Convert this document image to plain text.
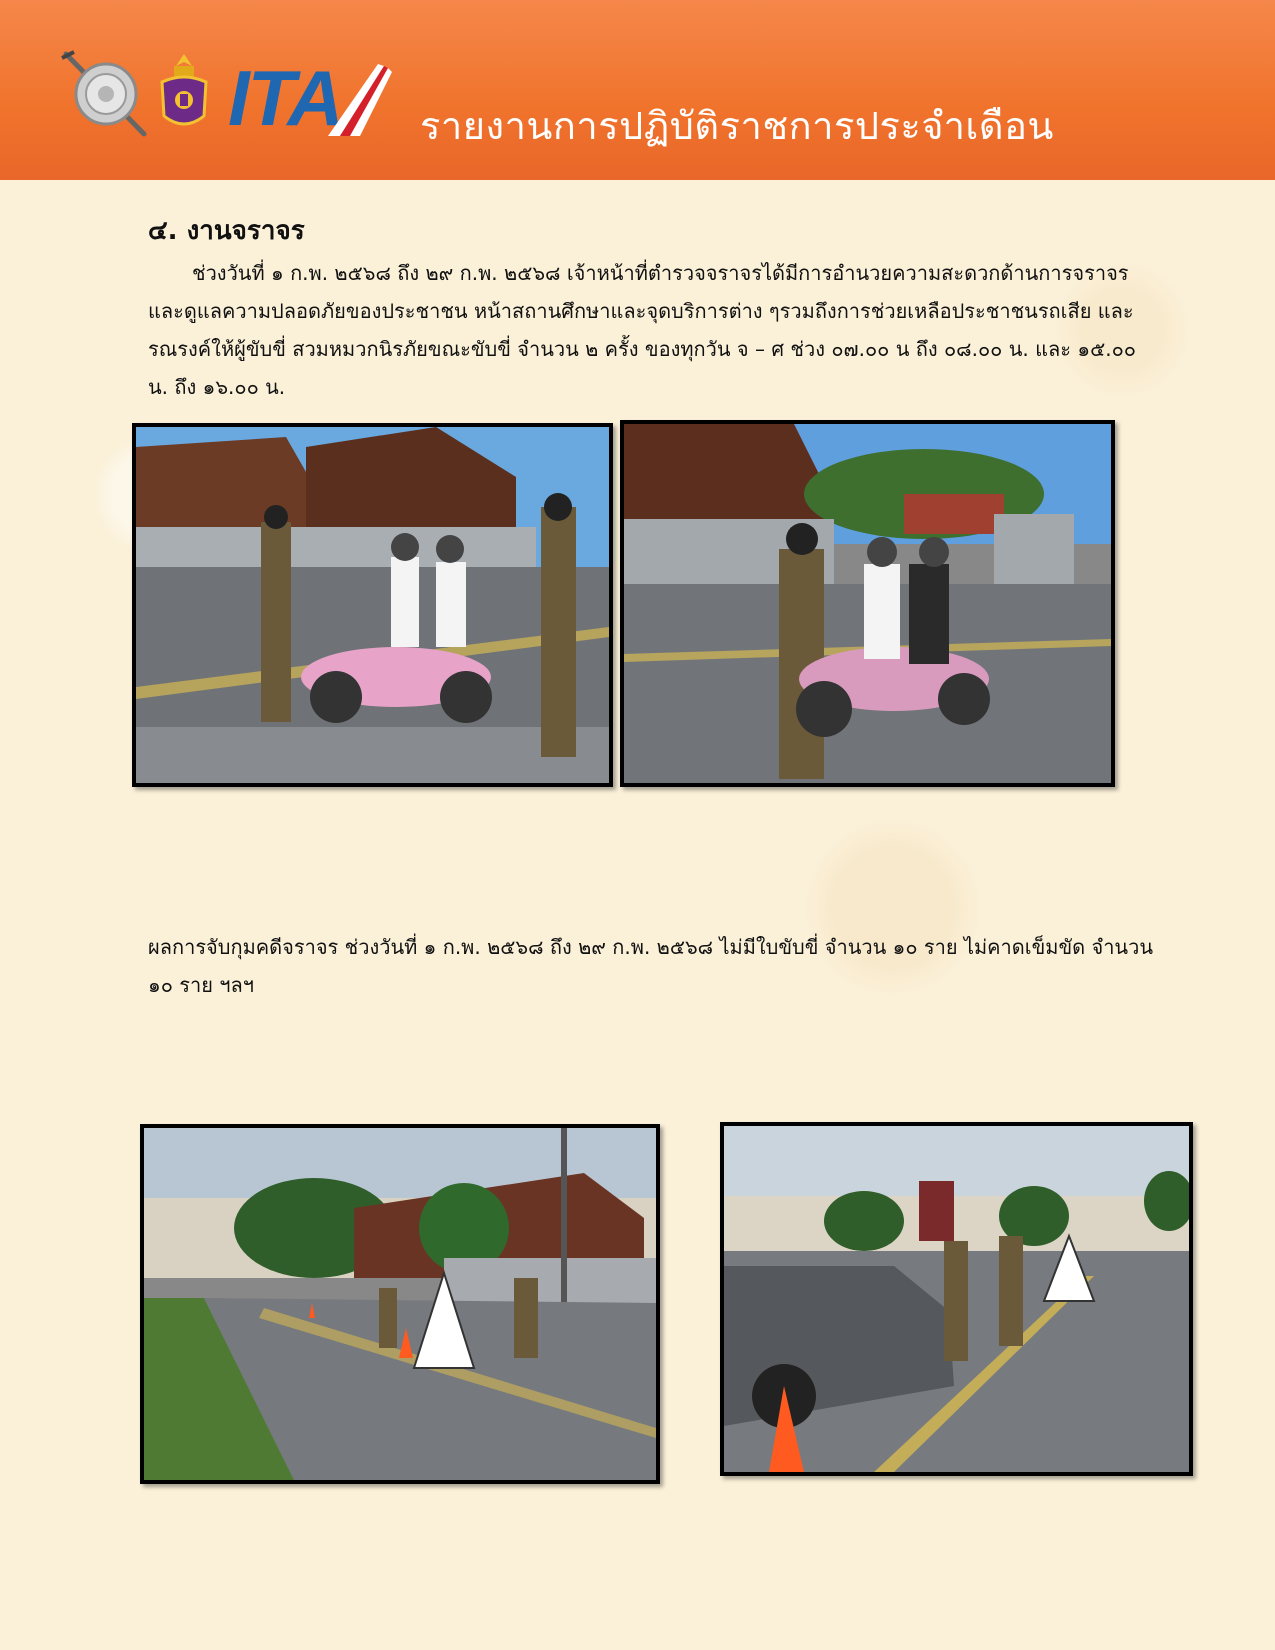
ITA รายงานการปฏิบัติราชการประจำเดือน
๔. งานจราจร
ช่วงวันที่ ๑ ก.พ. ๒๕๖๘ ถึง ๒๙ ก.พ. ๒๕๖๘ เจ้าหน้าที่ตำรวจจราจรได้มีการอำนวยความสะดวกด้านการจราจรและดูแลความปลอดภัยของประชาชน หน้าสถานศึกษาและจุดบริการต่าง ๆรวมถึงการช่วยเหลือประชาชนรถเสีย และ รณรงค์ให้ผู้ขับขี่ สวมหมวกนิรภัยขณะขับขี่ จำนวน ๒ ครั้ง ของทุกวัน จ – ศ ช่วง ๐๗.๐๐ น ถึง ๐๘.๐๐ น. และ ๑๕.๐๐ น. ถึง ๑๖.๐๐ น.
ผลการจับกุมคดีจราจร ช่วงวันที่ ๑ ก.พ. ๒๕๖๘ ถึง ๒๙ ก.พ. ๒๕๖๘ ไม่มีใบขับขี่ จำนวน ๑๐ ราย ไม่คาดเข็มขัด จำนวน ๑๐ ราย ฯลฯ
